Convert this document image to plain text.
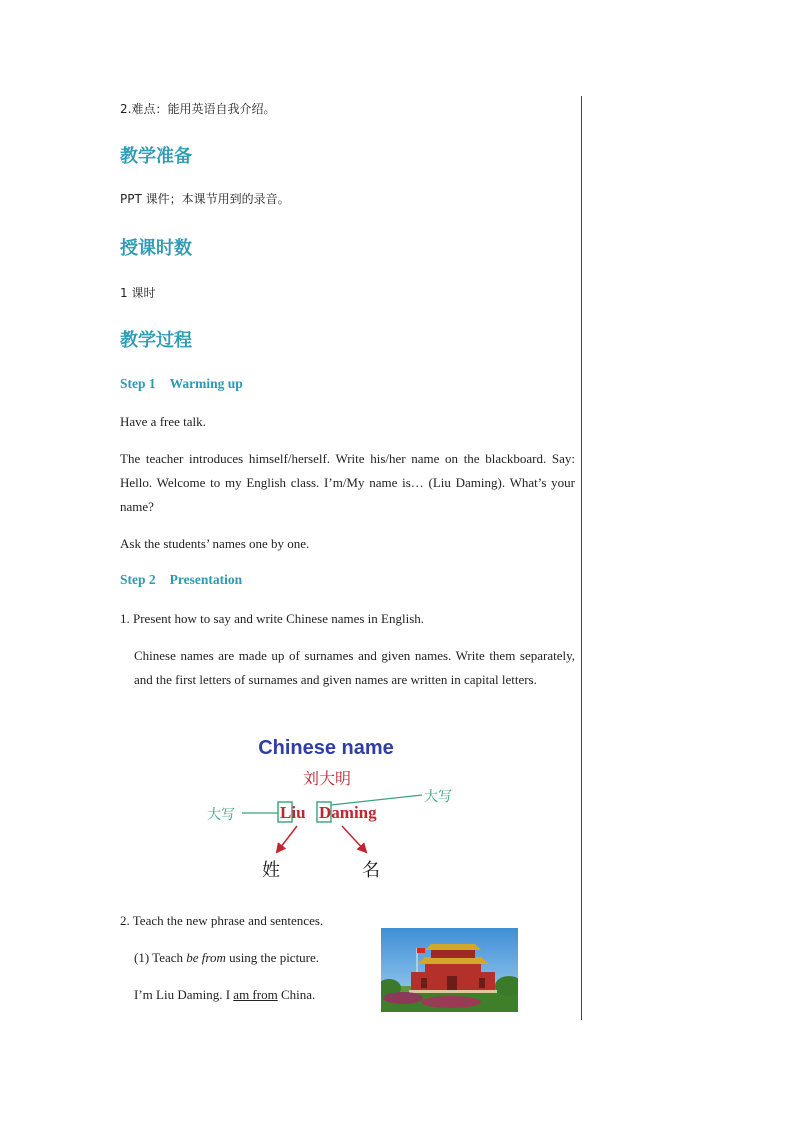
2.难点：能用英语自我介绍。
教学准备
PPT 课件；本课节用到的录音。
授课时数
1 课时
教学过程
Step 1 Warming up
Have a free talk.
The teacher introduces himself/herself. Write his/her name on the blackboard. Say: Hello. Welcome to my English class. I’m/My name is… (Liu Daming). What’s your name?
Ask the students’ names one by one.
Step 2 Presentation
1. Present how to say and write Chinese names in English.
Chinese names are made up of surnames and given names. Write them separately, and the first letters of surnames and given names are written in capital letters.
Chinese name
刘大明
大写
大写
Liu Daming
姓	名
2. Teach the new phrase and sentences.
(1) Teach be from using the picture.
I’m Liu Daming. I am from China.
